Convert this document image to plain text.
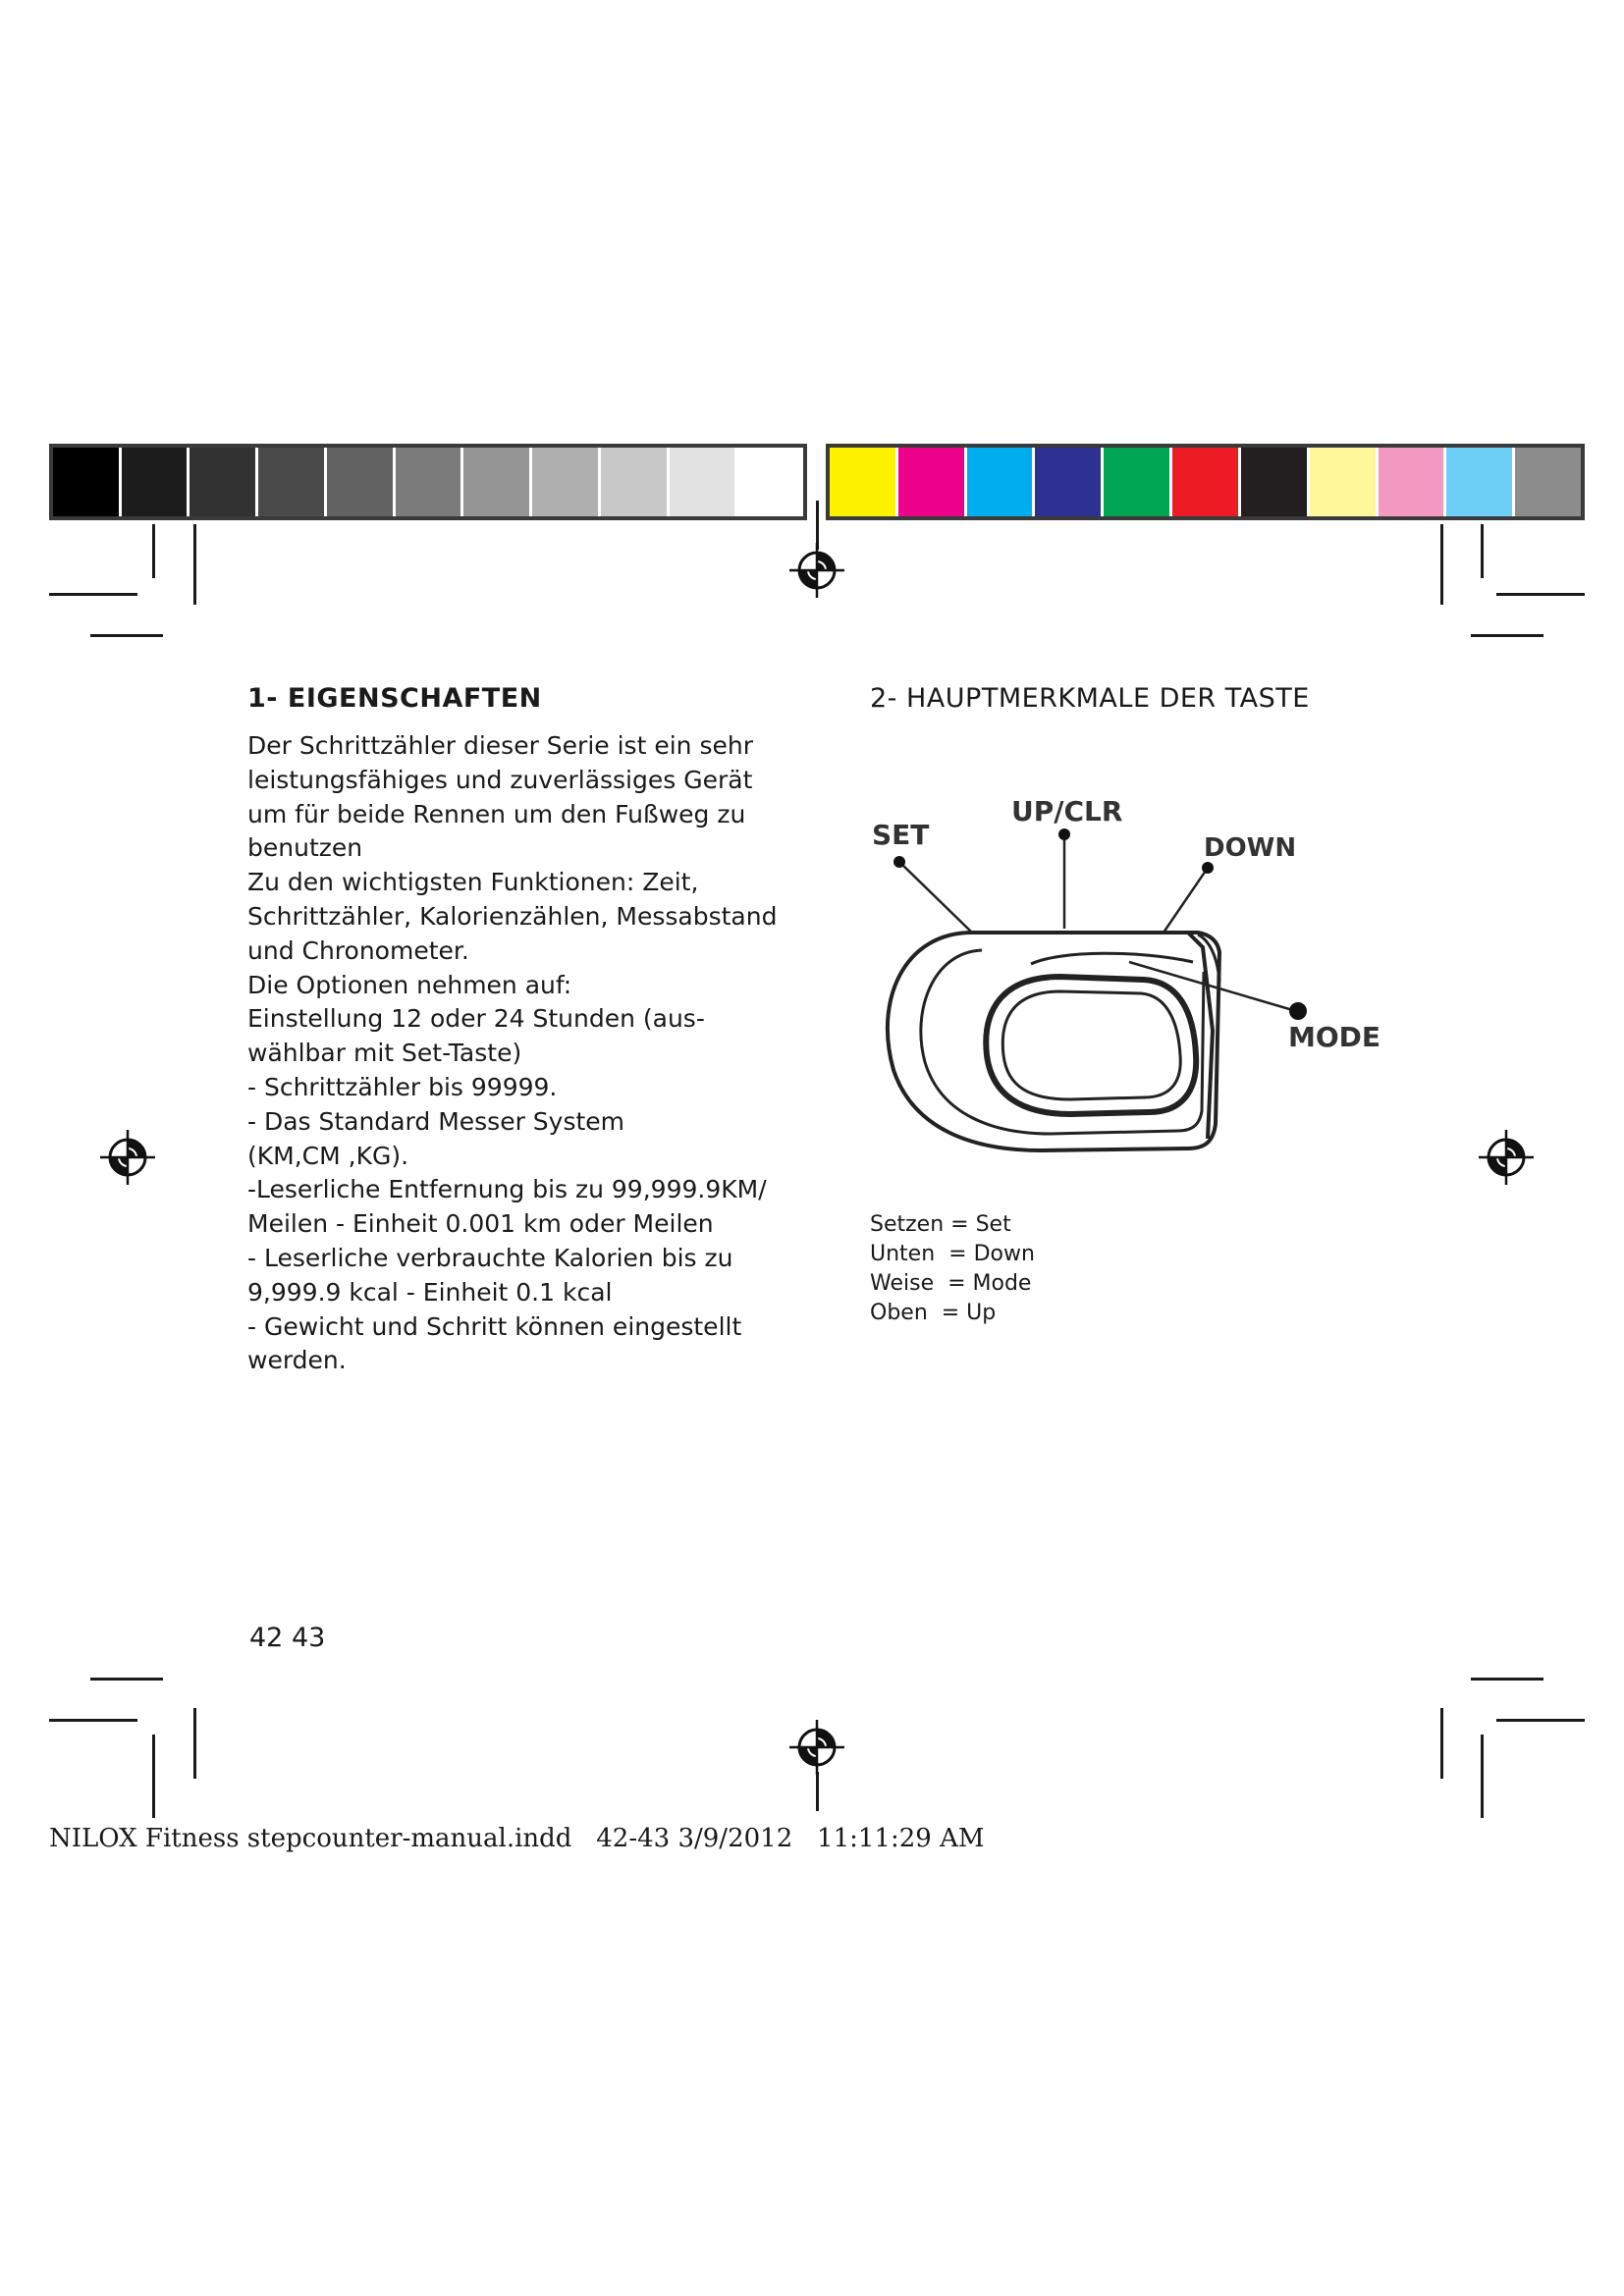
1- EIGENSCHAFTEN
Der Schrittzähler dieser Serie ist ein sehr
leistungsfähiges und zuverlässiges Gerät
um für beide Rennen um den Fußweg zu
benutzen
Zu den wichtigsten Funktionen: Zeit,
Schrittzähler, Kalorienzählen, Messabstand
und Chronometer.
Die Optionen nehmen auf:
Einstellung 12 oder 24 Stunden (aus-
wählbar mit Set-Taste)
- Schrittzähler bis 99999.
- Das Standard Messer System
(KM,CM ,KG).
-Leserliche Entfernung bis zu 99,999.9KM/
Meilen - Einheit 0.001 km oder Meilen
- Leserliche verbrauchte Kalorien bis zu
9,999.9 kcal - Einheit 0.1 kcal
- Gewicht und Schritt können eingestellt
werden.
2- HAUPTMERKMALE DER TASTE
SET
UP/CLR
DOWN
MODE
Setzen = Set
Unten  = Down
Weise  = Mode
Oben  = Up
42 43
NILOX Fitness stepcounter-manual.indd   42-43 3/9/2012   11:11:29 AM
